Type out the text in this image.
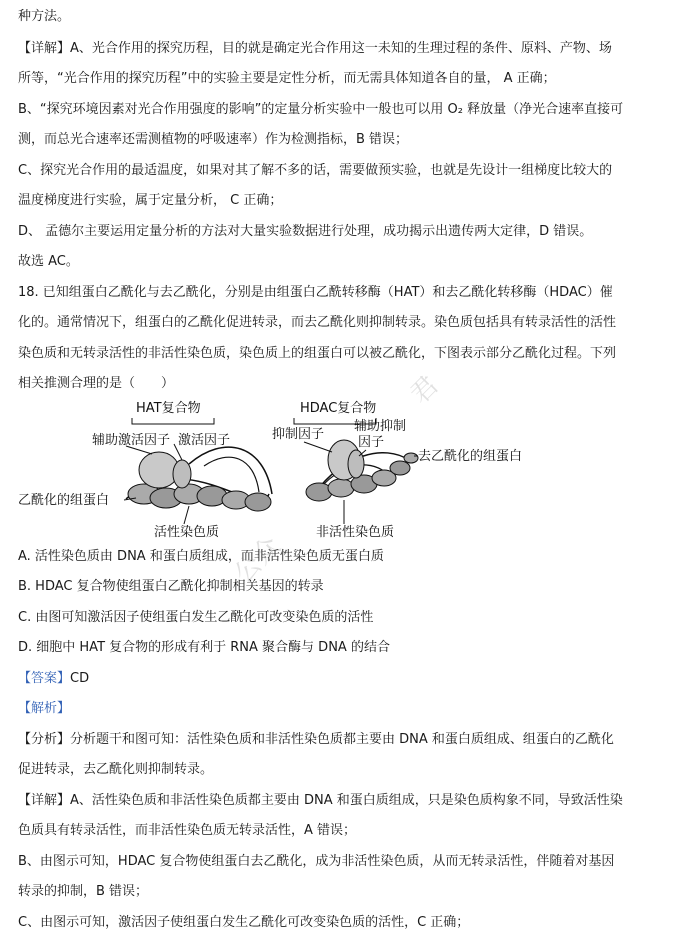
种方法。
【详解】A、光合作用的探究历程，目的就是确定光合作用这一未知的生理过程的条件、原料、产物、场
所等，“光合作用的探究历程”中的实验主要是定性分析，而无需具体知道各自的量， A 正确；
B、“探究环境因素对光合作用强度的影响”的定量分析实验中一般也可以用 O₂ 释放量（净光合速率直接可
测，而总光合速率还需测植物的呼吸速率）作为检测指标，B 错误；
C、探究光合作用的最适温度，如果对其了解不多的话，需要做预实验，也就是先设计一组梯度比较大的
温度梯度进行实验，属于定量分析， C 正确；
D、 孟德尔主要运用定量分析的方法对大量实验数据进行处理，成功揭示出遗传两大定律，D 错误。
故选 AC。
18. 已知组蛋白乙酰化与去乙酰化，分别是由组蛋白乙酰转移酶（HAT）和去乙酰化转移酶（HDAC）催
化的。通常情况下，组蛋白的乙酰化促进转录，而去乙酰化则抑制转录。染色质包括具有转录活性的活性
染色质和无转录活性的非活性染色质，染色质上的组蛋白可以被乙酰化，下图表示部分乙酰化过程。下列
相关推测合理的是（　　）
HAT复合物
辅助激活因子 激活因子
乙酰化的组蛋白
活性染色质
HDAC复合物
抑制因子
辅助抑制
因子
去乙酰化的组蛋白
非活性染色质
A. 活性染色质由 DNA 和蛋白质组成，而非活性染色质无蛋白质
B. HDAC 复合物使组蛋白乙酰化抑制相关基因的转录
C. 由图可知激活因子使组蛋白发生乙酰化可改变染色质的活性
D. 细胞中 HAT 复合物的形成有利于 RNA 聚合酶与 DNA 的结合
【答案】CD
【解析】
【分析】分析题干和图可知：活性染色质和非活性染色质都主要由 DNA 和蛋白质组成、组蛋白的乙酰化
促进转录，去乙酰化则抑制转录。
【详解】A、活性染色质和非活性染色质都主要由 DNA 和蛋白质组成，只是染色质构象不同，导致活性染
色质具有转录活性，而非活性染色质无转录活性，A 错误；
B、由图示可知，HDAC 复合物使组蛋白去乙酰化，成为非活性染色质，从而无转录活性，伴随着对基因
转录的抑制，B 错误；
C、由图示可知，激活因子使组蛋白发生乙酰化可改变染色质的活性，C 正确；
公众
君
